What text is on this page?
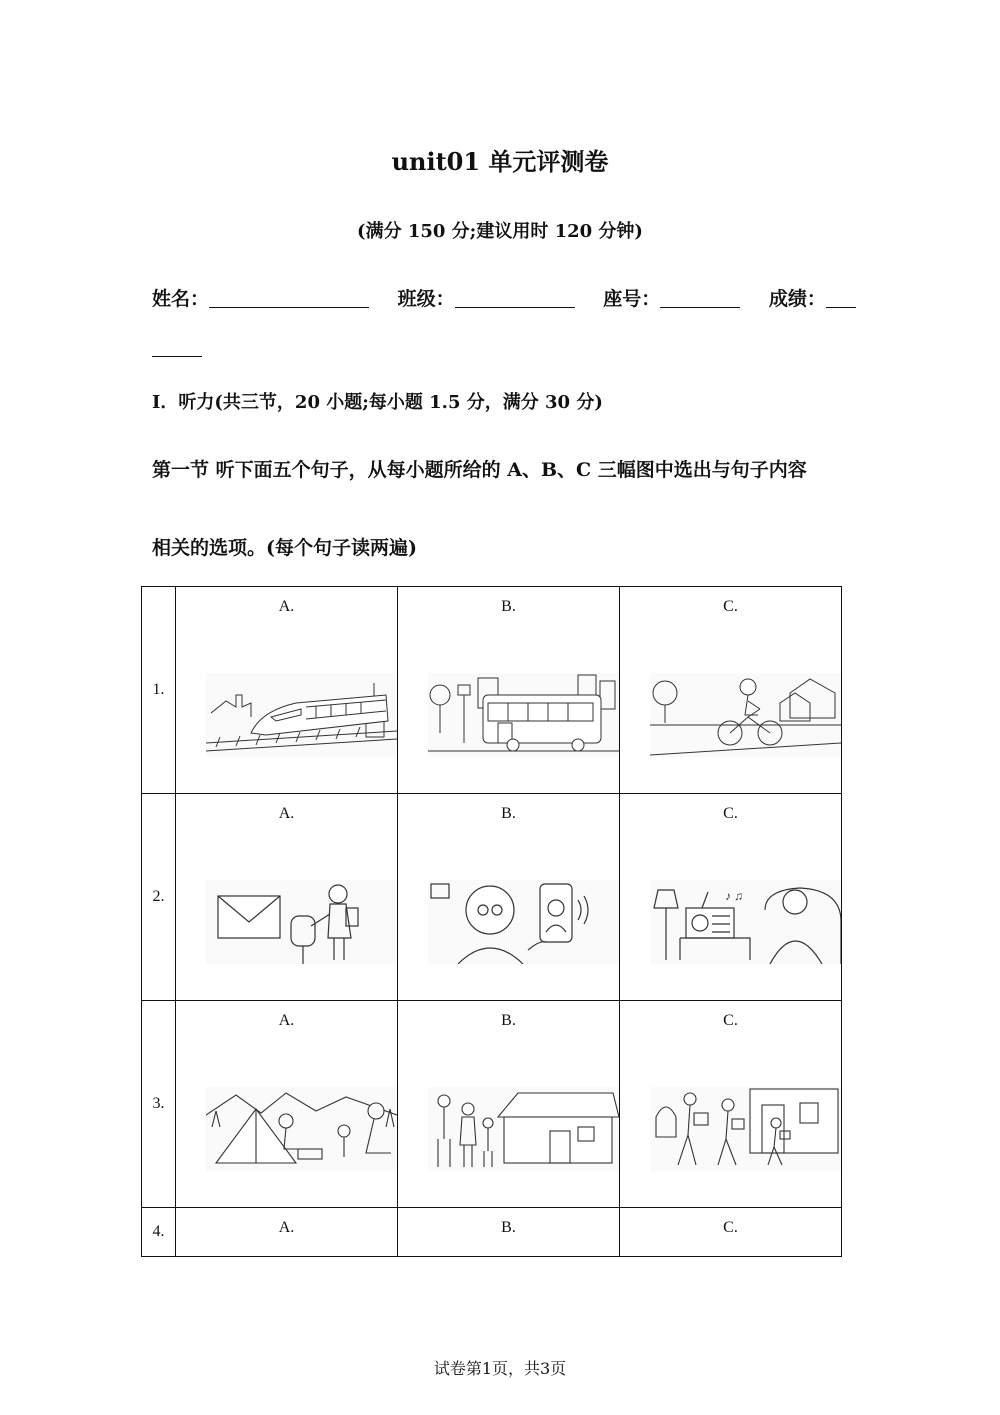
unit01 单元评测卷
(满分 150 分;建议用时 120 分钟)
姓名：	班级：	座号：	成绩：
Ⅰ．听力(共三节，20 小题;每小题 1.5 分，满分 30 分)
第一节 听下面五个句子，从每小题所给的 A、B、C 三幅图中选出与句子内容
相关的选项。(每个句子读两遍)
1.	A.	B.	C.

2.	A.	B.	C.
♪ ♫

3.	A.	B.	C.

4.	A.	B.	C.
试卷第1页，共3页
